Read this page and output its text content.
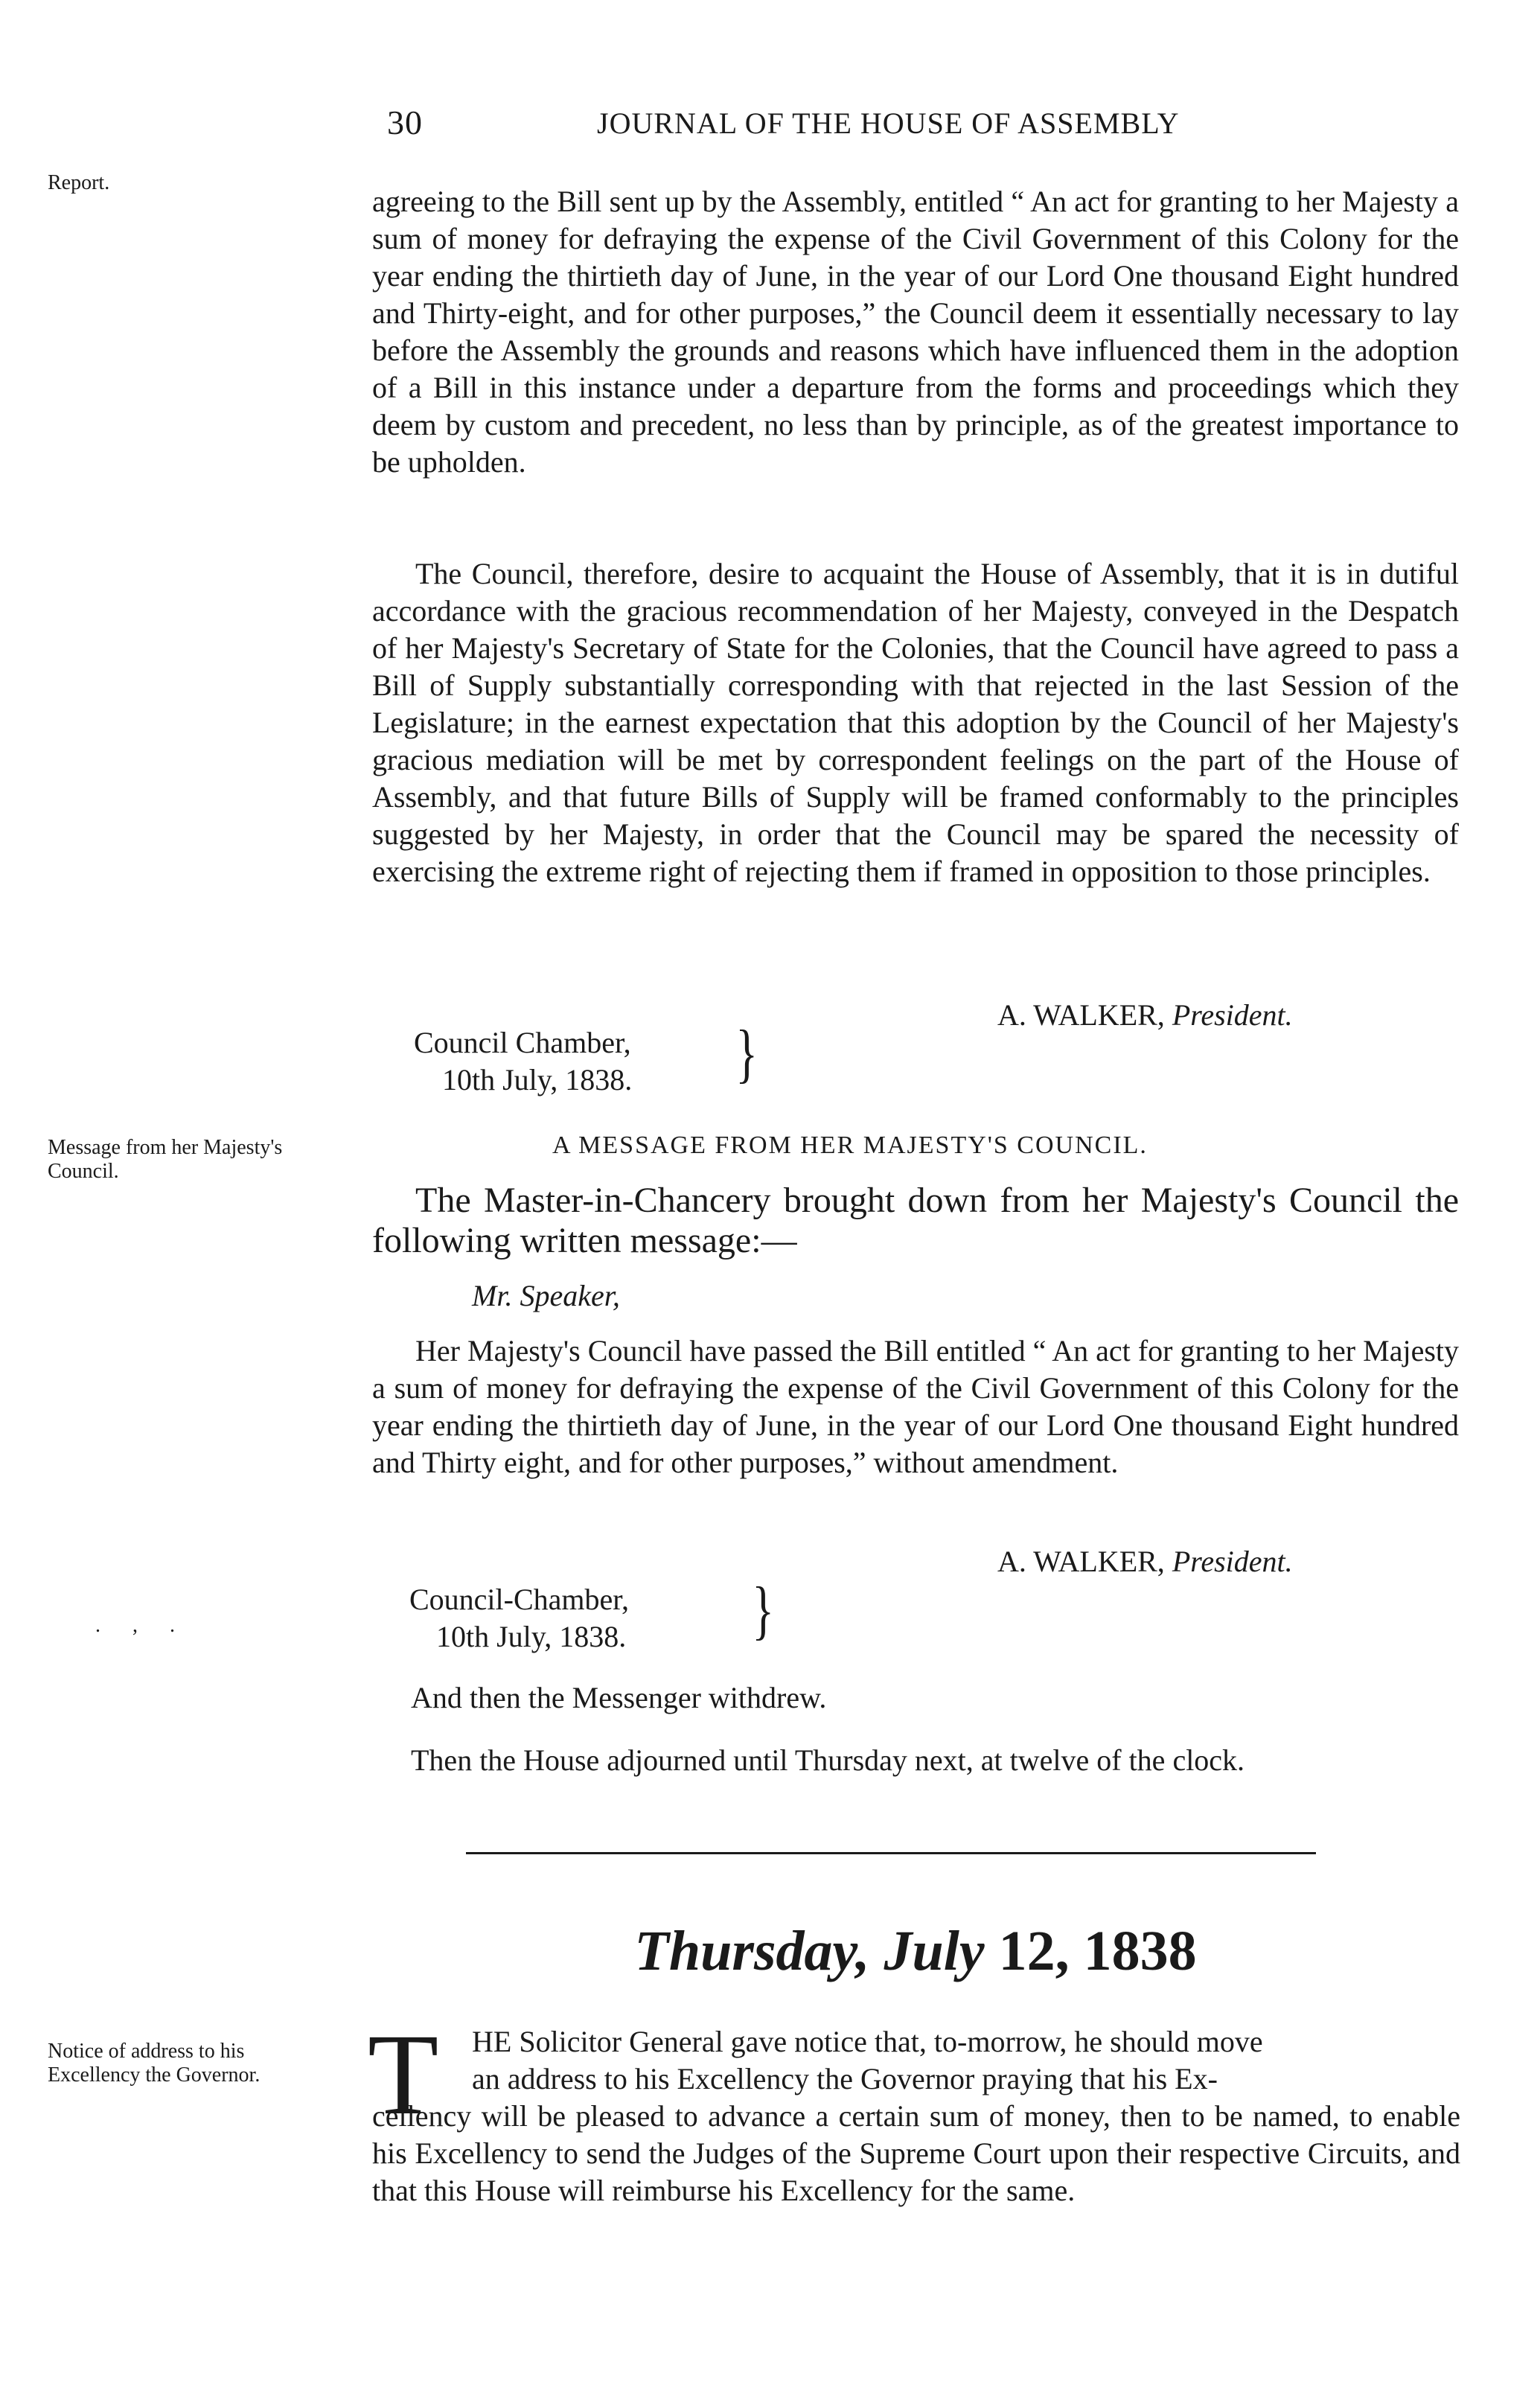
30	JOURNAL OF THE HOUSE OF ASSEMBLY
Report.
Message from her Majesty's Council.
. , .
Notice of address to his Excellency the Governor.

agreeing to the Bill sent up by the Assembly, entitled “ An act for granting to her Majesty a sum of money for defraying the expense of the Civil Government of this Colony for the year ending the thirtieth day of June, in the year of our Lord One thousand Eight hundred and Thirty-eight, and for other purposes,” the Council deem it essentially necessary to lay before the Assembly the grounds and reasons which have influenced them in the adoption of a Bill in this instance under a departure from the forms and proceedings which they deem by custom and precedent, no less than by principle, as of the greatest importance to be upholden.

The Council, therefore, desire to acquaint the House of Assembly, that it is in dutiful accordance with the gracious recommendation of her Majesty, conveyed in the Despatch of her Majesty's Secretary of State for the Colonies, that the Council have agreed to pass a Bill of Supply substantially corresponding with that rejected in the last Session of the Legislature; in the earnest expectation that this adoption by the Council of her Majesty's gracious mediation will be met by correspondent feelings on the part of the House of Assembly, and that future Bills of Supply will be framed conformably to the principles suggested by her Majesty, in order that the Council may be spared the necessity of exercising the extreme right of rejecting them if framed in opposition to those principles.

A. WALKER, President.
Council Chamber,
10th July, 1838. }
A MESSAGE FROM HER MAJESTY'S COUNCIL.

The Master-in-Chancery brought down from her Majesty's Council the following written message:—

Mr. Speaker,

Her Majesty's Council have passed the Bill entitled “ An act for granting to her Majesty a sum of money for defraying the expense of the Civil Government of this Colony for the year ending the thirtieth day of June, in the year of our Lord One thousand Eight hundred and Thirty eight, and for other purposes,” without amendment.

A. WALKER, President.
Council-Chamber,
10th July, 1838. }
And then the Messenger withdrew.
Then the House adjourned until Thursday next, at twelve of the clock.
Thursday, July 12, 1838
T HE Solicitor General gave notice that, to-morrow, he should move

an address to his Excellency the Governor praying that his Ex-

cellency will be pleased to advance a certain sum of money, then to be named, to enable his Excellency to send the Judges of the Supreme Court upon their respective Circuits, and that this House will reimburse his Excellency for the same.
